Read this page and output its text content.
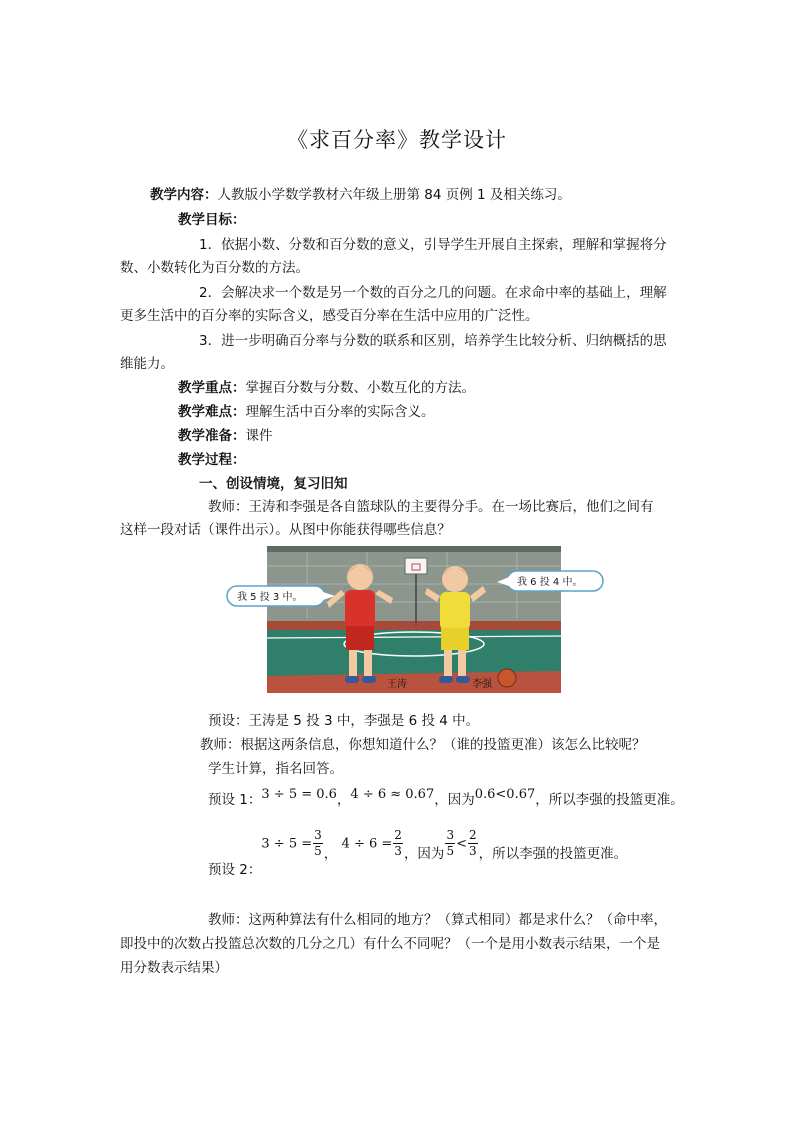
《求百分率》教学设计
教学内容：人教版小学数学教材六年级上册第 84 页例 1 及相关练习。
教学目标：
1．依据小数、分数和百分数的意义，引导学生开展自主探索，理解和掌握将分
数、小数转化为百分数的方法。
2．会解决求一个数是另一个数的百分之几的问题。在求命中率的基础上，理解
更多生活中的百分率的实际含义，感受百分率在生活中应用的广泛性。
3．进一步明确百分率与分数的联系和区别，培养学生比较分析、归纳概括的思
维能力。
教学重点：掌握百分数与分数、小数互化的方法。
教学难点：理解生活中百分率的实际含义。
教学准备：课件
教学过程：
一、创设情境，复习旧知
教师：王涛和李强是各自篮球队的主要得分手。在一场比赛后，他们之间有
这样一段对话（课件出示）。从图中你能获得哪些信息？
我 5 投 3 中。
我 6 投 4 中。
王涛	李强
预设：王涛是 5 投 3 中，李强是 6 投 4 中。
教师：根据这两条信息，你想知道什么？（谁的投篮更准）该怎么比较呢？
学生计算，指名回答。
预设 1：3 ÷ 5 = 0.6，4 ÷ 6 ≈ 0.67，因为0.6<0.67，所以李强的投篮更准。
预设 2：$3 \div 5 = \frac{3}{5}$ ， $4 \div 6 = \frac{2}{3}$ ，因为 $\frac{3}{5} < \frac{2}{3}$ ，所以李强的投篮更准。
教师：这两种算法有什么相同的地方？（算式相同）都是求什么？（命中率，
即投中的次数占投篮总次数的几分之几）有什么不同呢？（一个是用小数表示结果，一个是
用分数表示结果）
